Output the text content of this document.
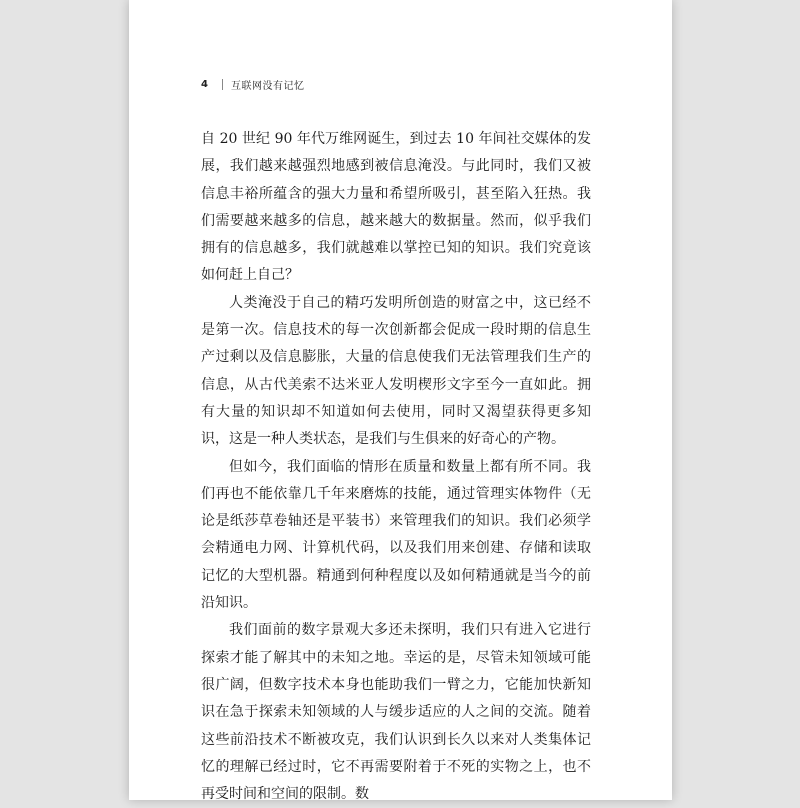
4 互联网没有记忆

自 20 世纪 90 年代万维网诞生，到过去 10 年间社交媒体的发展，我们越来越强烈地感到被信息淹没。与此同时，我们又被信息丰裕所蕴含的强大力量和希望所吸引，甚至陷入狂热。我们需要越来越多的信息，越来越大的数据量。然而，似乎我们拥有的信息越多，我们就越难以掌控已知的知识。我们究竟该如何赶上自己？

人类淹没于自己的精巧发明所创造的财富之中，这已经不是第一次。信息技术的每一次创新都会促成一段时期的信息生产过剩以及信息膨胀，大量的信息使我们无法管理我们生产的信息，从古代美索不达米亚人发明楔形文字至今一直如此。拥有大量的知识却不知道如何去使用，同时又渴望获得更多知识，这是一种人类状态，是我们与生俱来的好奇心的产物。

但如今，我们面临的情形在质量和数量上都有所不同。我们再也不能依靠几千年来磨炼的技能，通过管理实体物件（无论是纸莎草卷轴还是平装书）来管理我们的知识。我们必须学会精通电力网、计算机代码，以及我们用来创建、存储和读取记忆的大型机器。精通到何种程度以及如何精通就是当今的前沿知识。

我们面前的数字景观大多还未探明，我们只有进入它进行探索才能了解其中的未知之地。幸运的是，尽管未知领域可能很广阔，但数字技术本身也能助我们一臂之力，它能加快新知识在急于探索未知领域的人与缓步适应的人之间的交流。随着这些前沿技术不断被攻克，我们认识到长久以来对人类集体记忆的理解已经过时，它不再需要附着于不死的实物之上，也不再受时间和空间的限制。数
